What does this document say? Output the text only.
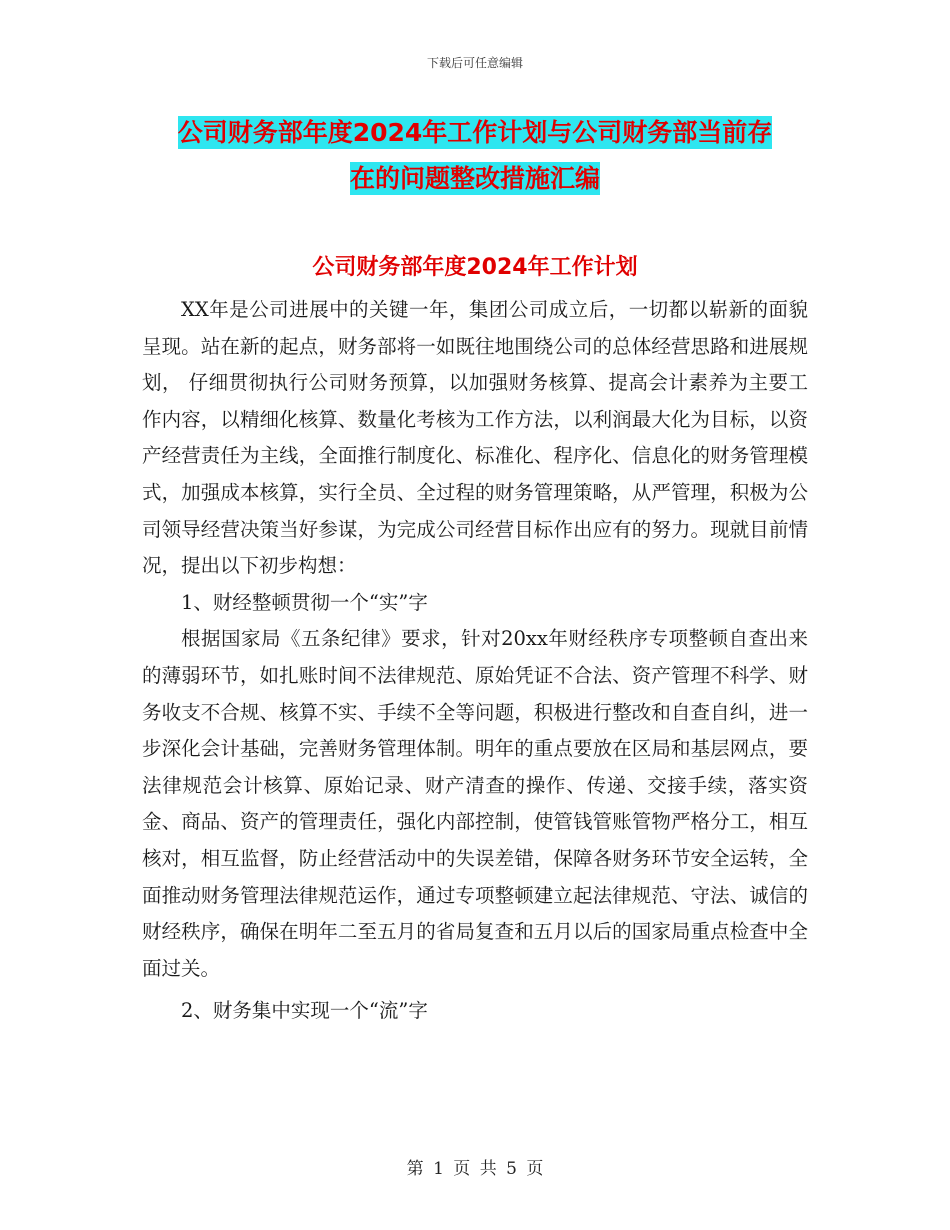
下载后可任意编辑
公司财务部年度2024年工作计划与公司财务部当前存
在的问题整改措施汇编
公司财务部年度2024年工作计划

XX年是公司进展中的关键一年，集团公司成立后，一切都以崭新的面貌呈现。站在新的起点，财务部将一如既往地围绕公司的总体经营思路和进展规划， 仔细贯彻执行公司财务预算，以加强财务核算、提高会计素养为主要工作内容，以精细化核算、数量化考核为工作方法，以利润最大化为目标，以资产经营责任为主线，全面推行制度化、标准化、程序化、信息化的财务管理模式，加强成本核算，实行全员、全过程的财务管理策略，从严管理，积极为公司领导经营决策当好参谋，为完成公司经营目标作出应有的努力。现就目前情况，提出以下初步构想：

1、财经整顿贯彻一个“实”字

根据国家局《五条纪律》要求，针对20xx年财经秩序专项整顿自查出来的薄弱环节，如扎账时间不法律规范、原始凭证不合法、资产管理不科学、财务收支不合规、核算不实、手续不全等问题，积极进行整改和自查自纠，进一步深化会计基础，完善财务管理体制。明年的重点要放在区局和基层网点，要法律规范会计核算、原始记录、财产清查的操作、传递、交接手续，落实资金、商品、资产的管理责任，强化内部控制，使管钱管账管物严格分工，相互核对，相互监督，防止经营活动中的失误差错，保障各财务环节安全运转，全面推动财务管理法律规范运作，通过专项整顿建立起法律规范、守法、诚信的财经秩序，确保在明年二至五月的省局复查和五月以后的国家局重点检查中全面过关。

2、财务集中实现一个“流”字

第 1 页 共 5 页
